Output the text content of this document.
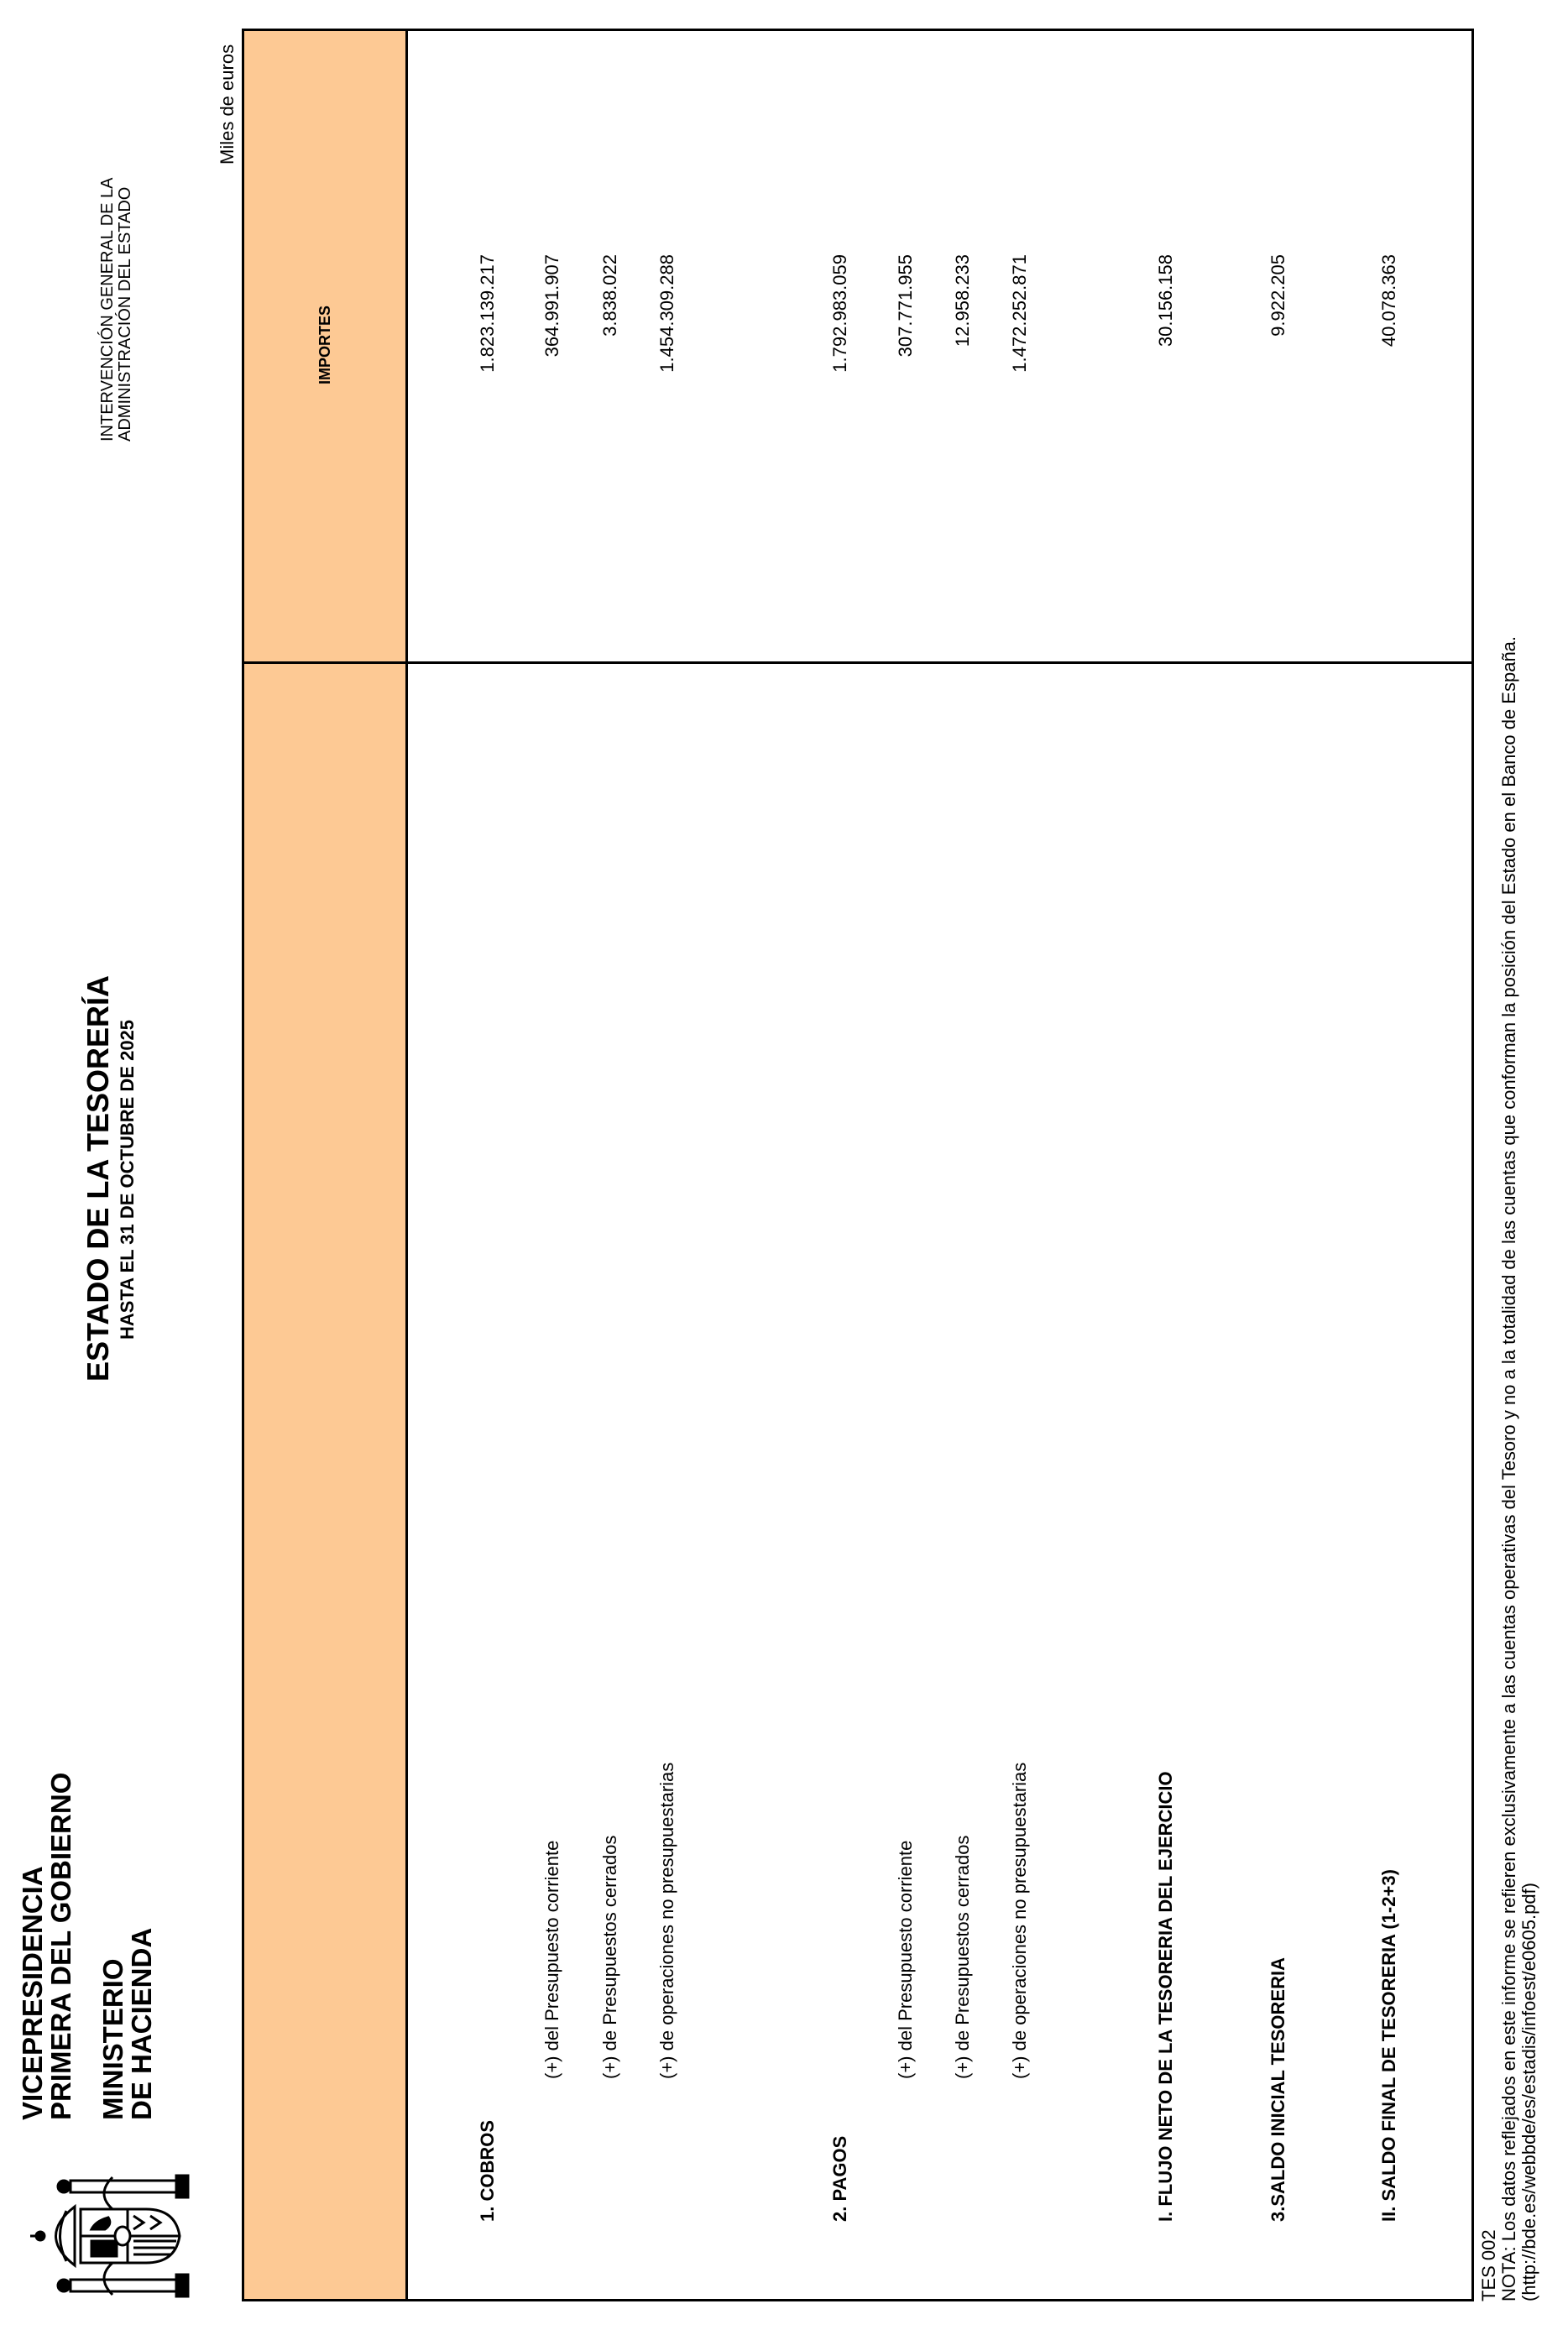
VICEPRESIDENCIA
PRIMERA DEL GOBIERNO MINISTERIO
DE HACIENDA
ESTADO DE LA TESORERÍA HASTA EL 31 DE OCTUBRE DE 2025
INTERVENCIÓN GENERAL DE LA ADMINISTRACIÓN DEL ESTADO
Miles de euros
IMPORTES
1. COBROS
1.823.139.217
(+) del Presupuesto corriente
364.991.907
(+) de Presupuestos cerrados
3.838.022
(+) de operaciones no presupuestarias
1.454.309.288
2. PAGOS
1.792.983.059
(+) del Presupuesto corriente
307.771.955
(+) de Presupuestos cerrados
12.958.233
(+) de operaciones no presupuestarias
1.472.252.871
I. FLUJO NETO DE LA TESORERIA DEL EJERCICIO
30.156.158
3.SALDO INICIAL TESORERIA
9.922.205
II. SALDO FINAL DE TESORERIA (1-2+3)
40.078.363
TES 002 NOTA: Los datos reflejados en este informe se refieren exclusivamente a las cuentas operativas del Tesoro y no a la totalidad de las cuentas que conforman la posición del Estado en el Banco de España. (http://bde.es/webbde/es/estadis/infoest/e0605.pdf)
